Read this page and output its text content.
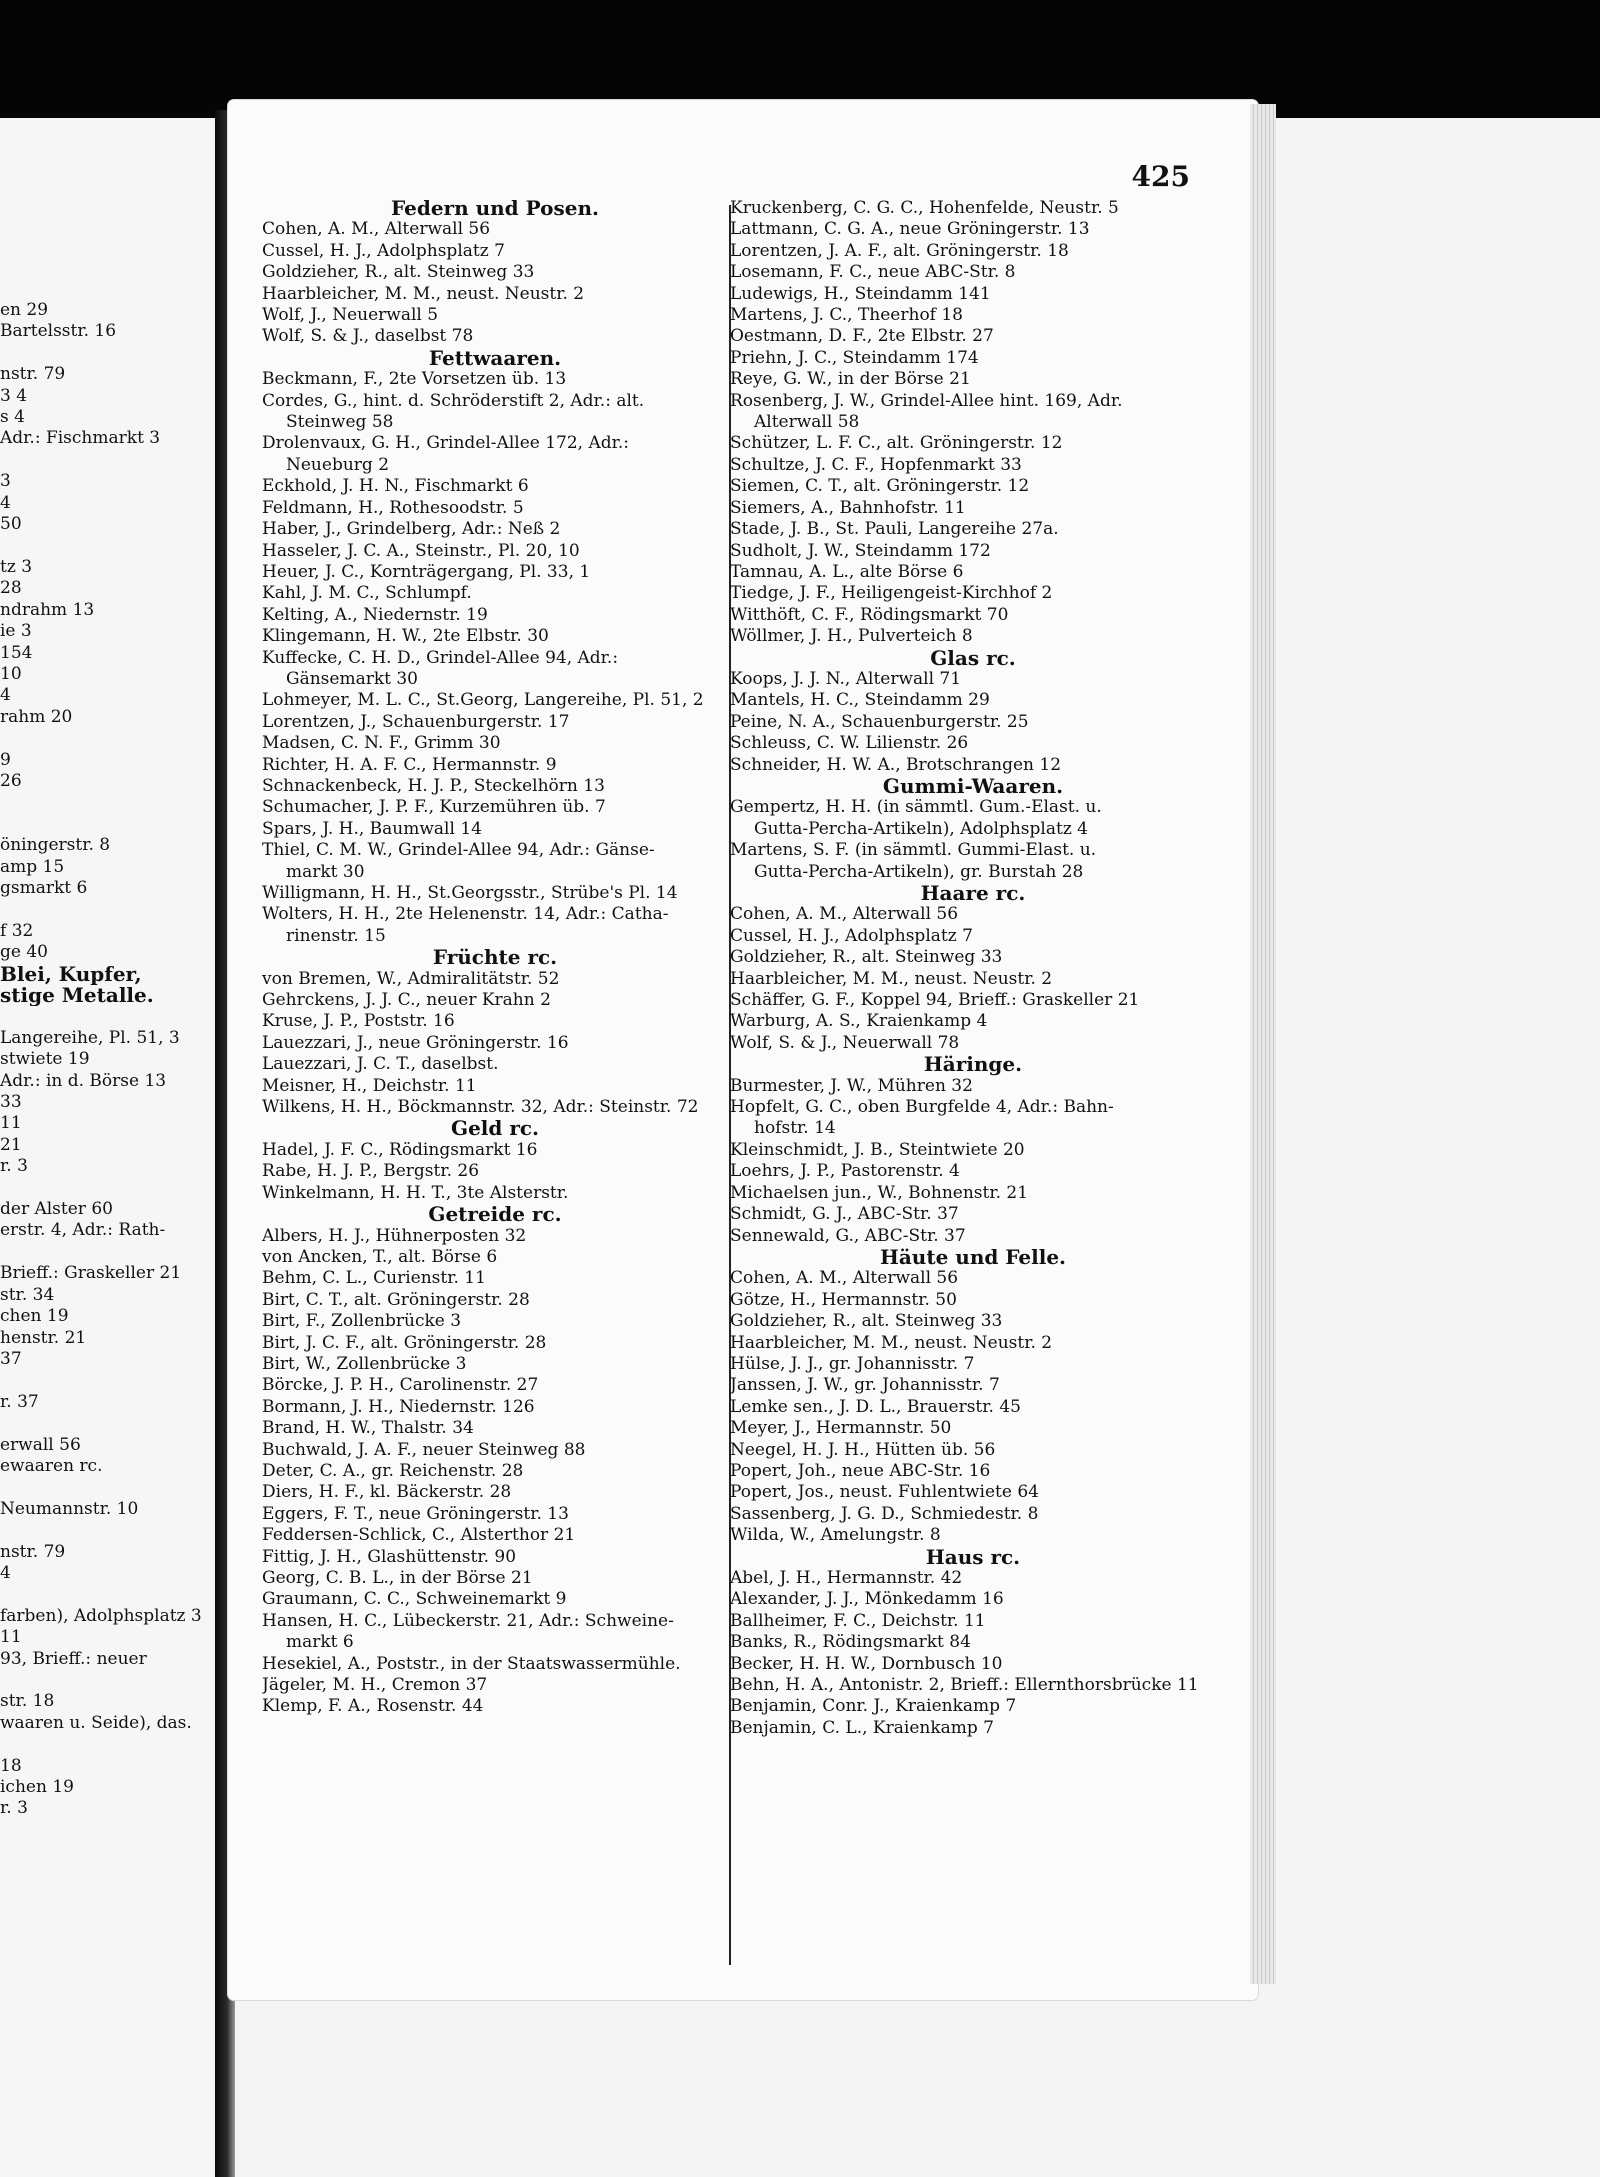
en 29
Bartelsstr. 16

nstr. 79
3 4
s 4
Adr.: Fischmarkt 3

3
4
50

tz 3
28
ndrahm 13
ie 3
154
10
4
rahm 20

9
26

öningerstr. 8
amp 15
gsmarkt 6

f 32
ge 40
Blei, Kupfer,
stige Metalle.

Langereihe, Pl. 51, 3
stwiete 19
Adr.: in d. Börse 13
33
11
21
r. 3

der Alster 60
erstr. 4, Adr.: Rath-

Brieff.: Graskeller 21
str. 34
chen 19
henstr. 21
37

r. 37

erwall 56
ewaaren rc.

Neumannstr. 10

nstr. 79
4

farben), Adolphsplatz 3
11
93, Brieff.: neuer

str. 18
waaren u. Seide), das.

18
ichen 19
r. 3
425
Federn und Posen.
Cohen, A. M., Alterwall 56
Cussel, H. J., Adolphsplatz 7
Goldzieher, R., alt. Steinweg 33
Haarbleicher, M. M., neust. Neustr. 2
Wolf, J., Neuerwall 5
Wolf, S. & J., daselbst 78
Fettwaaren.
Beckmann, F., 2te Vorsetzen üb. 13
Cordes, G., hint. d. Schröderstift 2, Adr.: alt.
Steinweg 58
Drolenvaux, G. H., Grindel-Allee 172, Adr.:
Neueburg 2
Eckhold, J. H. N., Fischmarkt 6
Feldmann, H., Rothesoodstr. 5
Haber, J., Grindelberg, Adr.: Neß 2
Hasseler, J. C. A., Steinstr., Pl. 20, 10
Heuer, J. C., Kornträgergang, Pl. 33, 1
Kahl, J. M. C., Schlumpf.
Kelting, A., Niedernstr. 19
Klingemann, H. W., 2te Elbstr. 30
Kuffecke, C. H. D., Grindel-Allee 94, Adr.:
Gänsemarkt 30
Lohmeyer, M. L. C., St.Georg, Langereihe, Pl. 51, 2
Lorentzen, J., Schauenburgerstr. 17
Madsen, C. N. F., Grimm 30
Richter, H. A. F. C., Hermannstr. 9
Schnackenbeck, H. J. P., Steckelhörn 13
Schumacher, J. P. F., Kurzemühren üb. 7
Spars, J. H., Baumwall 14
Thiel, C. M. W., Grindel-Allee 94, Adr.: Gänse-
markt 30
Willigmann, H. H., St.Georgsstr., Strübe's Pl. 14
Wolters, H. H., 2te Helenenstr. 14, Adr.: Catha-
rinenstr. 15
Früchte rc.
von Bremen, W., Admiralitätstr. 52
Gehrckens, J. J. C., neuer Krahn 2
Kruse, J. P., Poststr. 16
Lauezzari, J., neue Gröningerstr. 16
Lauezzari, J. C. T., daselbst.
Meisner, H., Deichstr. 11
Wilkens, H. H., Böckmannstr. 32, Adr.: Steinstr. 72
Geld rc.
Hadel, J. F. C., Rödingsmarkt 16
Rabe, H. J. P., Bergstr. 26
Winkelmann, H. H. T., 3te Alsterstr.
Getreide rc.
Albers, H. J., Hühnerposten 32
von Ancken, T., alt. Börse 6
Behm, C. L., Curienstr. 11
Birt, C. T., alt. Gröningerstr. 28
Birt, F., Zollenbrücke 3
Birt, J. C. F., alt. Gröningerstr. 28
Birt, W., Zollenbrücke 3
Börcke, J. P. H., Carolinenstr. 27
Bormann, J. H., Niedernstr. 126
Brand, H. W., Thalstr. 34
Buchwald, J. A. F., neuer Steinweg 88
Deter, C. A., gr. Reichenstr. 28
Diers, H. F., kl. Bäckerstr. 28
Eggers, F. T., neue Gröningerstr. 13
Feddersen-Schlick, C., Alsterthor 21
Fittig, J. H., Glashüttenstr. 90
Georg, C. B. L., in der Börse 21
Graumann, C. C., Schweinemarkt 9
Hansen, H. C., Lübeckerstr. 21, Adr.: Schweine-
markt 6
Hesekiel, A., Poststr., in der Staatswassermühle.
Jägeler, M. H., Cremon 37
Klemp, F. A., Rosenstr. 44
Kruckenberg, C. G. C., Hohenfelde, Neustr. 5
Lattmann, C. G. A., neue Gröningerstr. 13
Lorentzen, J. A. F., alt. Gröningerstr. 18
Losemann, F. C., neue ABC-Str. 8
Ludewigs, H., Steindamm 141
Martens, J. C., Theerhof 18
Oestmann, D. F., 2te Elbstr. 27
Priehn, J. C., Steindamm 174
Reye, G. W., in der Börse 21
Rosenberg, J. W., Grindel-Allee hint. 169, Adr.
Alterwall 58
Schützer, L. F. C., alt. Gröningerstr. 12
Schultze, J. C. F., Hopfenmarkt 33
Siemen, C. T., alt. Gröningerstr. 12
Siemers, A., Bahnhofstr. 11
Stade, J. B., St. Pauli, Langereihe 27a.
Sudholt, J. W., Steindamm 172
Tamnau, A. L., alte Börse 6
Tiedge, J. F., Heiligengeist-Kirchhof 2
Witthöft, C. F., Rödingsmarkt 70
Wöllmer, J. H., Pulverteich 8
Glas rc.
Koops, J. J. N., Alterwall 71
Mantels, H. C., Steindamm 29
Peine, N. A., Schauenburgerstr. 25
Schleuss, C. W. Lilienstr. 26
Schneider, H. W. A., Brotschrangen 12
Gummi-Waaren.
Gempertz, H. H. (in sämmtl. Gum.-Elast. u.
Gutta-Percha-Artikeln), Adolphsplatz 4
Martens, S. F. (in sämmtl. Gummi-Elast. u.
Gutta-Percha-Artikeln), gr. Burstah 28
Haare rc.
Cohen, A. M., Alterwall 56
Cussel, H. J., Adolphsplatz 7
Goldzieher, R., alt. Steinweg 33
Haarbleicher, M. M., neust. Neustr. 2
Schäffer, G. F., Koppel 94, Brieff.: Graskeller 21
Warburg, A. S., Kraienkamp 4
Wolf, S. & J., Neuerwall 78
Häringe.
Burmester, J. W., Mühren 32
Hopfelt, G. C., oben Burgfelde 4, Adr.: Bahn-
hofstr. 14
Kleinschmidt, J. B., Steintwiete 20
Loehrs, J. P., Pastorenstr. 4
Michaelsen jun., W., Bohnenstr. 21
Schmidt, G. J., ABC-Str. 37
Sennewald, G., ABC-Str. 37
Häute und Felle.
Cohen, A. M., Alterwall 56
Götze, H., Hermannstr. 50
Goldzieher, R., alt. Steinweg 33
Haarbleicher, M. M., neust. Neustr. 2
Hülse, J. J., gr. Johannisstr. 7
Janssen, J. W., gr. Johannisstr. 7
Lemke sen., J. D. L., Brauerstr. 45
Meyer, J., Hermannstr. 50
Neegel, H. J. H., Hütten üb. 56
Popert, Joh., neue ABC-Str. 16
Popert, Jos., neust. Fuhlentwiete 64
Sassenberg, J. G. D., Schmiedestr. 8
Wilda, W., Amelungstr. 8
Haus rc.
Abel, J. H., Hermannstr. 42
Alexander, J. J., Mönkedamm 16
Ballheimer, F. C., Deichstr. 11
Banks, R., Rödingsmarkt 84
Becker, H. H. W., Dornbusch 10
Behn, H. A., Antonistr. 2, Brieff.: Ellernthorsbrücke 11
Benjamin, Conr. J., Kraienkamp 7
Benjamin, C. L., Kraienkamp 7
